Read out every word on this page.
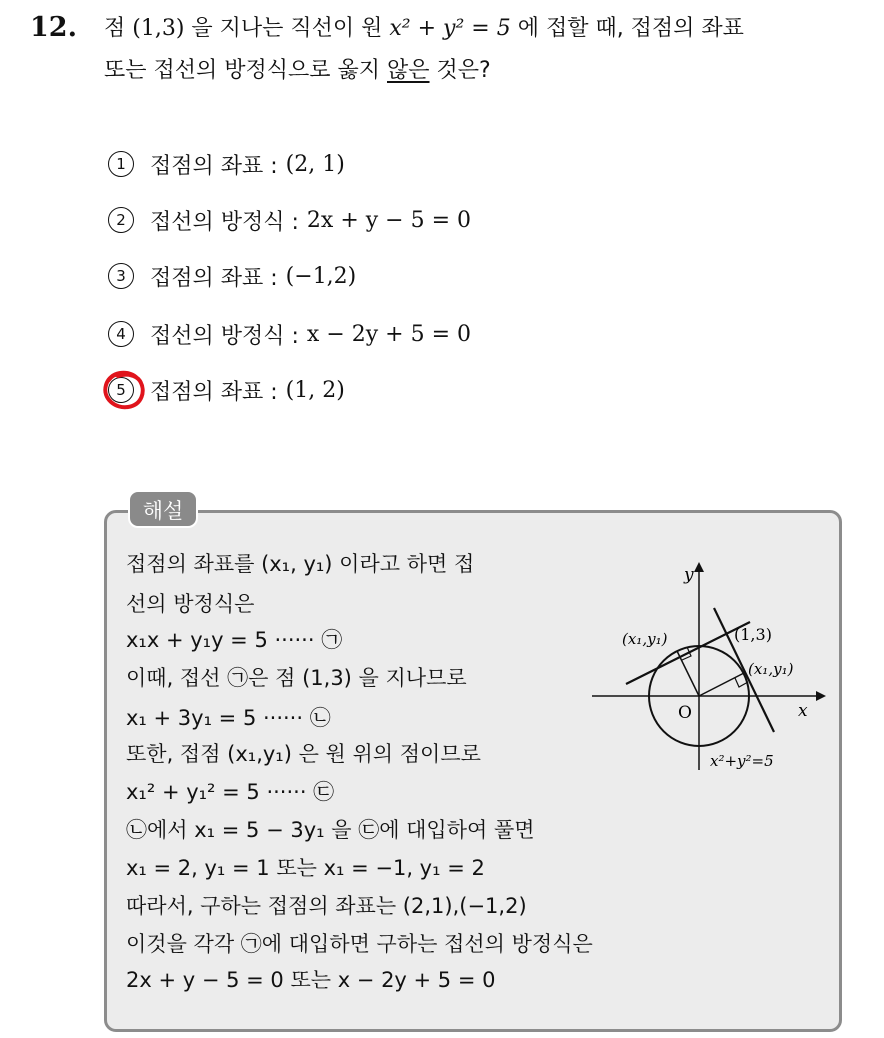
12. 점 (1,3) 을 지나는 직선이 원 x² + y² = 5 에 접할 때, 접점의 좌표
또는 접선의 방정식으로 옳지 않은 것은?
1	접점의 좌표 : (2, 1)
2	접선의 방정식 : 2x + y − 5 = 0
3	접점의 좌표 : (−1,2)
4	접선의 방정식 : x − 2y + 5 = 0
5	접점의 좌표 : (1, 2)
해설
접점의 좌표를 (x₁, y₁) 이라고 하면 접
선의 방정식은
x₁x + y₁y = 5 ······ ㉠
이때, 접선 ㉠은 점 (1,3) 을 지나므로
x₁ + 3y₁ = 5 ······ ㉡
또한, 접점 (x₁,y₁) 은 원 위의 점이므로
x₁² + y₁² = 5 ······ ㉢
㉡에서 x₁ = 5 − 3y₁ 을 ㉢에 대입하여 풀면
x₁ = 2, y₁ = 1 또는 x₁ = −1, y₁ = 2
따라서, 구하는 접점의 좌표는 (2,1),(−1,2)
이것을 각각 ㉠에 대입하면 구하는 접선의 방정식은
2x + y − 5 = 0 또는 x − 2y + 5 = 0
y
x
O
(1,3)
(x₁,y₁)
(x₁,y₁)
x²+y²=5
